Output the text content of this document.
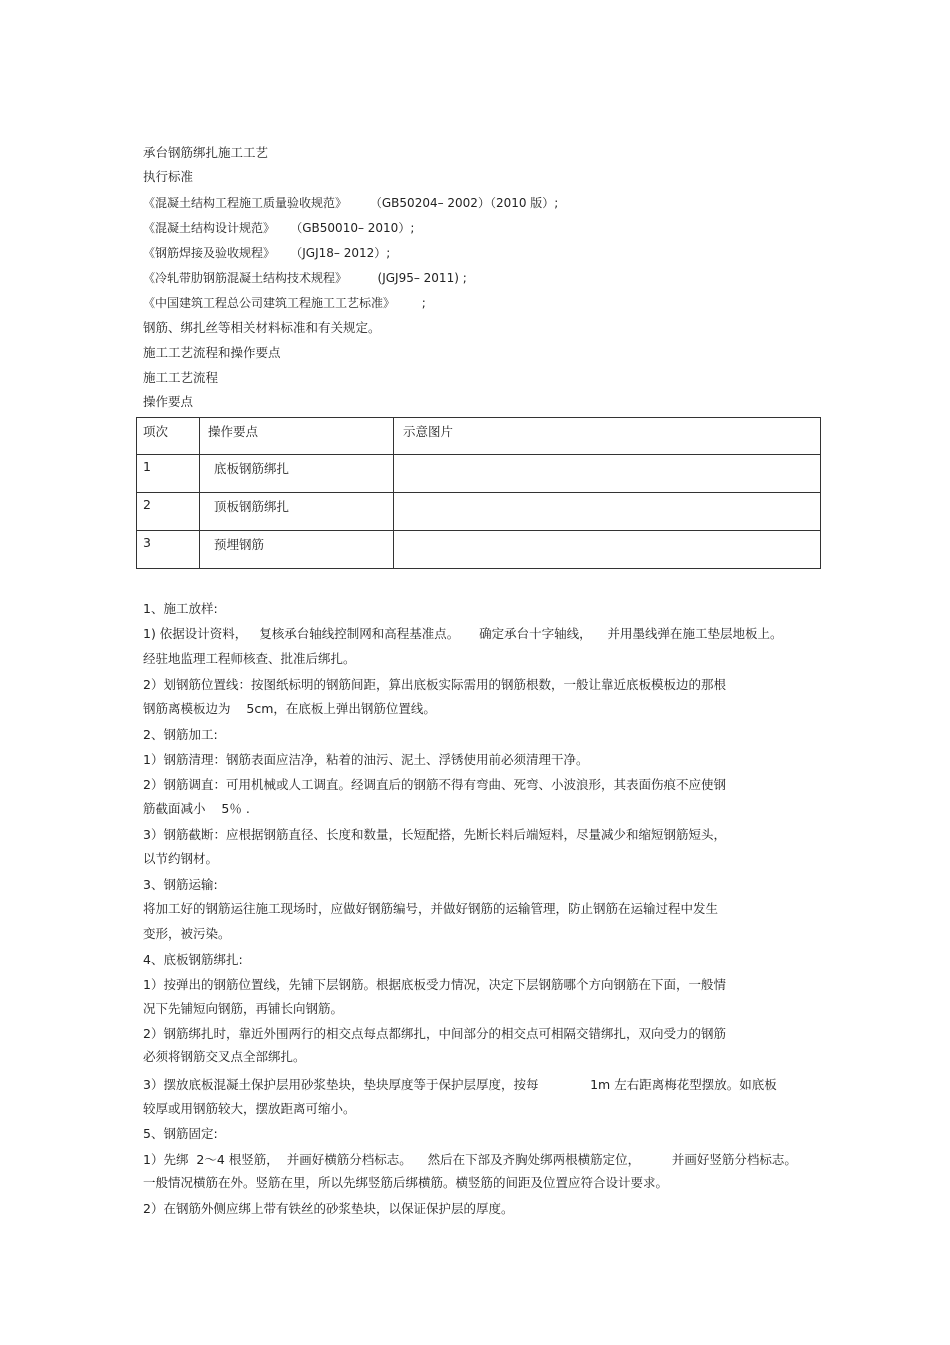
承台钢筋绑扎施工工艺
执行标准
《混凝土结构工程施工质量验收规范》      （GB50204– 2002）（2010 版）;
《混凝土结构设计规范》    （GB50010– 2010）;
《钢筋焊接及验收规程》    （JGJ18– 2012）;
《冷轧带肋钢筋混凝土结构技术规程》        (JGJ95– 2011) ;
《中国建筑工程总公司建筑工程施工工艺标准》       ;
钢筋、绑扎丝等相关材料标准和有关规定。
施工工艺流程和操作要点
施工工艺流程
操作要点
项次	操作要点	示意图片

1	底板钢筋绑扎	

2	顶板钢筋绑扎	

3	预埋钢筋	

1、施工放样:
1) 依据设计资料，   复核承台轴线控制网和高程基准点。     确定承台十字轴线，    并用墨线弹在施工垫层地板上。
经驻地监理工程师核查、批准后绑扎。
2）划钢筋位置线：按图纸标明的钢筋间距，算出底板实际需用的钢筋根数，一般让靠近底板模板边的那根
钢筋离模板边为    5cm，在底板上弹出钢筋位置线。
2、钢筋加工:
1）钢筋清理：钢筋表面应洁净，粘着的油污、泥土、浮锈使用前必须清理干净。
2）钢筋调直：可用机械或人工调直。经调直后的钢筋不得有弯曲、死弯、小波浪形，其表面伤痕不应使钢
筋截面减小    5％ .
3）钢筋截断：应根据钢筋直径、长度和数量，长短配搭，先断长料后端短料，尽量减少和缩短钢筋短头，
以节约钢材。
3、钢筋运输:
将加工好的钢筋运往施工现场时，应做好钢筋编号，并做好钢筋的运输管理，防止钢筋在运输过程中发生
变形，被污染。
4、底板钢筋绑扎:
1）按弹出的钢筋位置线，先铺下层钢筋。根据底板受力情况，决定下层钢筋哪个方向钢筋在下面，一般情
况下先铺短向钢筋，再铺长向钢筋。
2）钢筋绑扎时，靠近外围两行的相交点每点都绑扎，中间部分的相交点可相隔交错绑扎，双向受力的钢筋
必须将钢筋交叉点全部绑扎。
3）摆放底板混凝土保护层用砂浆垫块，垫块厚度等于保护层厚度，按每             1m 左右距离梅花型摆放。如底板
较厚或用钢筋较大，摆放距离可缩小。
5、钢筋固定:
1）先绑  2～4 根竖筋，  并画好横筋分档标志。    然后在下部及齐胸处绑两根横筋定位，        并画好竖筋分档标志。
一般情况横筋在外。竖筋在里，所以先绑竖筋后绑横筋。横竖筋的间距及位置应符合设计要求。
2）在钢筋外侧应绑上带有铁丝的砂浆垫块，以保证保护层的厚度。
